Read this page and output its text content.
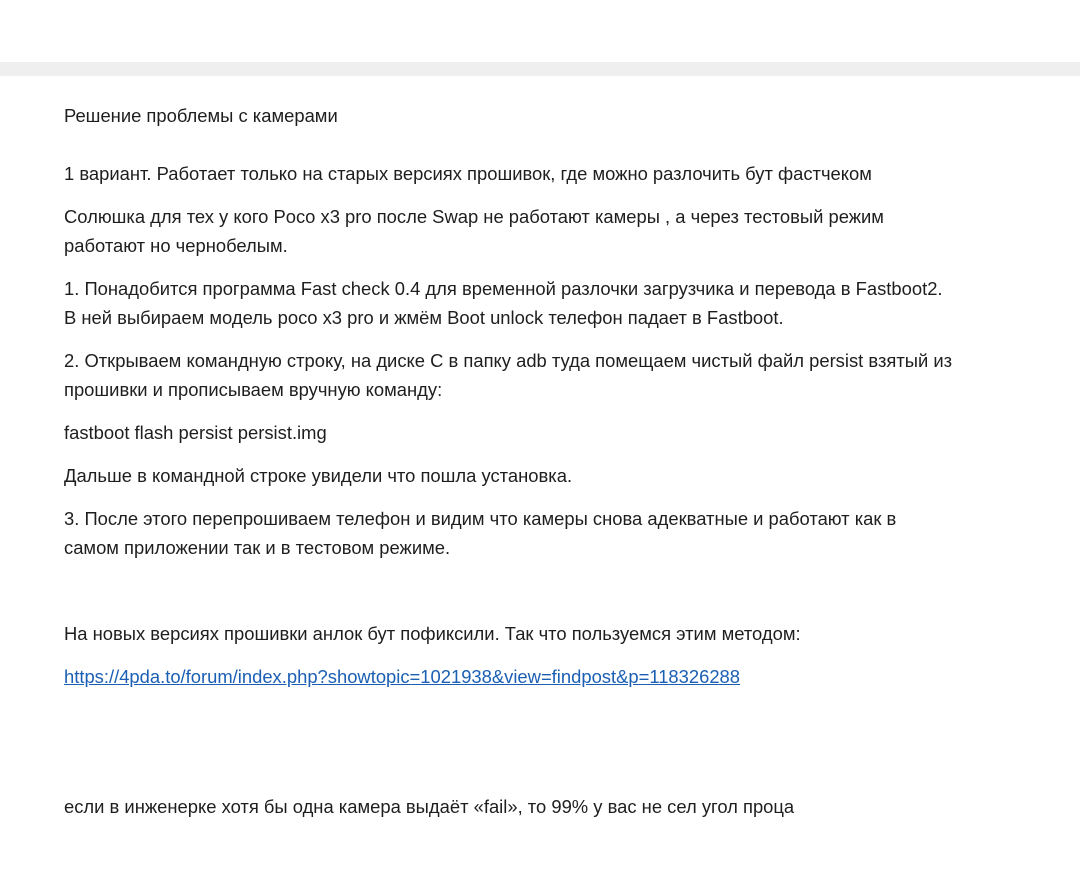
Решение проблемы с камерами

1 вариант. Работает только на старых версиях прошивок, где можно разлочить бут фастчеком

Солюшка для тех у кого Poco x3 pro после Swap не работают камеры , а через тестовый режим

работают но чернобелым.

1. Понадобится программа Fast check 0.4 для временной разлочки загрузчика и перевода в Fastboot2.

В ней выбираем модель poco x3 pro и жмём Boot unlock телефон падает в Fastboot.

2. Открываем командную строку, на диске C в папку adb туда помещаем чистый файл persist взятый из

прошивки и прописываем вручную команду:

fastboot flash persist persist.img

Дальше в командной строке увидели что пошла установка.

3. После этого перепрошиваем телефон и видим что камеры снова адекватные и работают как в

самом приложении так и в тестовом режиме.

На новых версиях прошивки анлок бут пофиксили. Так что пользуемся этим методом:

https://4pda.to/forum/index.php?showtopic=1021938&view=findpost&p=118326288

если в инженерке хотя бы одна камера выдаёт «fail», то 99% у вас не сел угол проца
